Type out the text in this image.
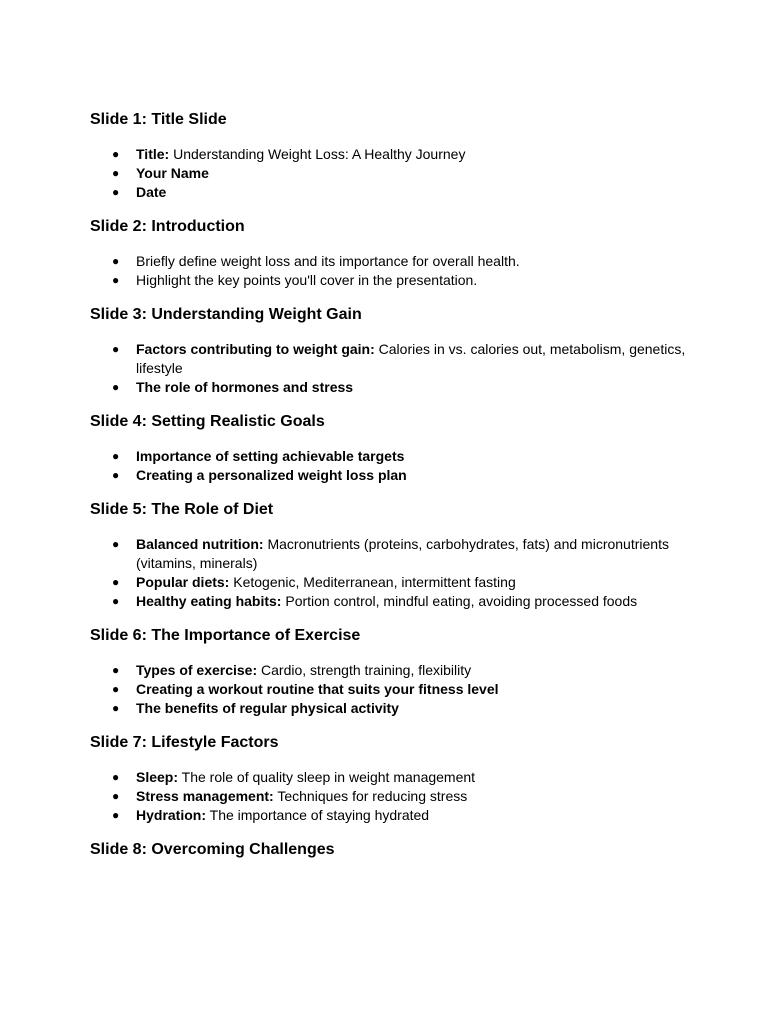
Slide 1: Title Slide
● Title: Understanding Weight Loss: A Healthy Journey
● Your Name
● Date
Slide 2: Introduction
● Briefly define weight loss and its importance for overall health.
● Highlight the key points you'll cover in the presentation.
Slide 3: Understanding Weight Gain
● Factors contributing to weight gain: Calories in vs. calories out, metabolism, genetics, lifestyle
● The role of hormones and stress
Slide 4: Setting Realistic Goals
● Importance of setting achievable targets
● Creating a personalized weight loss plan
Slide 5: The Role of Diet
● Balanced nutrition: Macronutrients (proteins, carbohydrates, fats) and micronutrients (vitamins, minerals)
● Popular diets: Ketogenic, Mediterranean, intermittent fasting
● Healthy eating habits: Portion control, mindful eating, avoiding processed foods
Slide 6: The Importance of Exercise
● Types of exercise: Cardio, strength training, flexibility
● Creating a workout routine that suits your fitness level
● The benefits of regular physical activity
Slide 7: Lifestyle Factors
● Sleep: The role of quality sleep in weight management
● Stress management: Techniques for reducing stress
● Hydration: The importance of staying hydrated
Slide 8: Overcoming Challenges
